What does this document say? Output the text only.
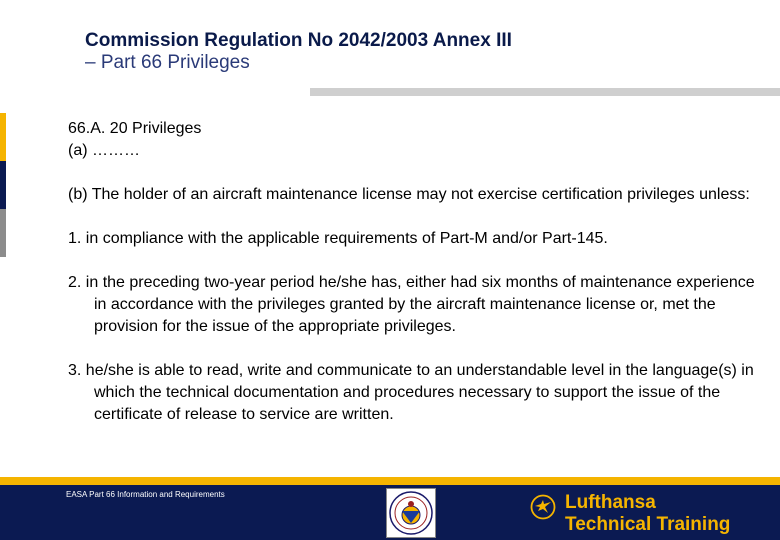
Commission Regulation No 2042/2003 Annex III
– Part 66 Privileges
66.A. 20 Privileges
(a) ………
(b) The holder of an aircraft maintenance license may not exercise certification privileges unless:
1. in compliance with the applicable requirements of Part-M and/or Part-145.
2. in the preceding two-year period he/she has, either had six months of maintenance experience in accordance with the privileges granted by the aircraft maintenance license or, met the provision for the issue of the appropriate privileges.
3. he/she is able to read, write and communicate to an understandable level in the language(s) in which the technical documentation and procedures necessary to support the issue of the certificate of release to service are written.
EASA Part 66 Information and Requirements	Lufthansa
Technical Training
